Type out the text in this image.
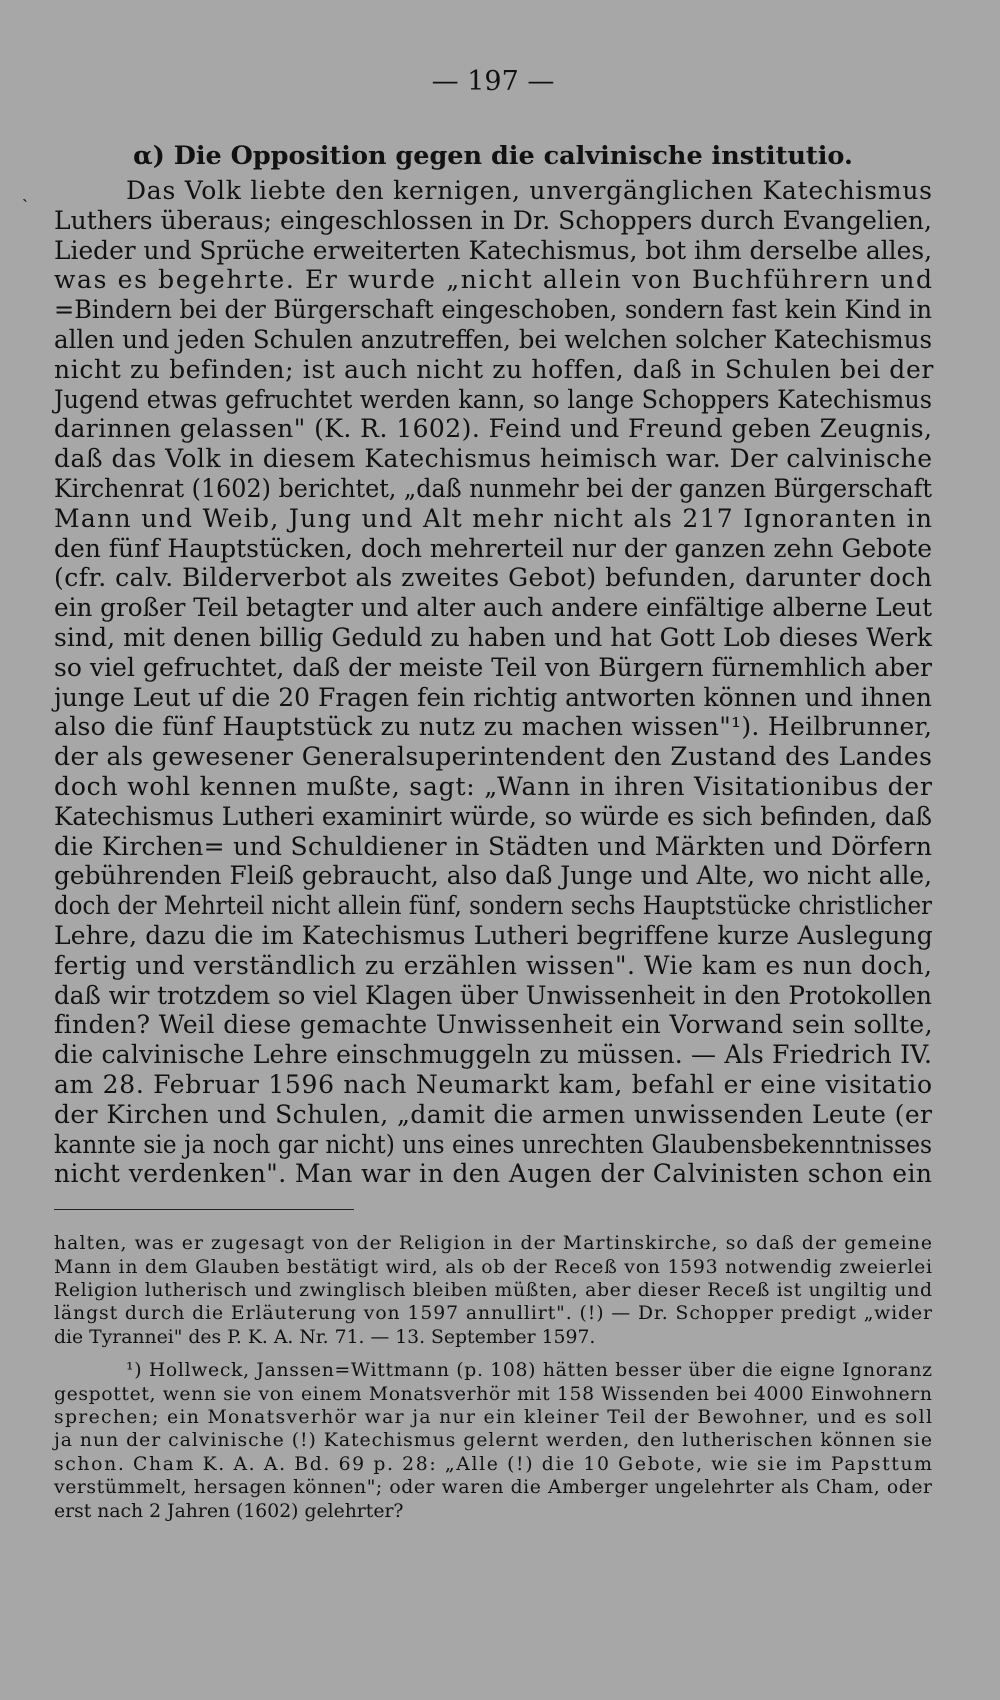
— 197 —
α) Die Opposition gegen die calvinische institutio.
ˏ	Das Volk liebte den kernigen, unvergänglichen Katechismus
Luthers überaus; eingeschlossen in Dr. Schoppers durch Evangelien,
Lieder und Sprüche erweiterten Katechismus, bot ihm derselbe alles,
was es begehrte. Er wurde „nicht allein von Buchführern und
=Bindern bei der Bürgerschaft eingeschoben, sondern fast kein Kind in
allen und jeden Schulen anzutreffen, bei welchen solcher Katechismus
nicht zu befinden; ist auch nicht zu hoffen, daß in Schulen bei der
Jugend etwas gefruchtet werden kann, so lange Schoppers Katechismus
darinnen gelassen" (K. R. 1602). Feind und Freund geben Zeugnis,
daß das Volk in diesem Katechismus heimisch war. Der calvinische
Kirchenrat (1602) berichtet, „daß nunmehr bei der ganzen Bürgerschaft
Mann und Weib, Jung und Alt mehr nicht als 217 Ignoranten in
den fünf Hauptstücken, doch mehrerteil nur der ganzen zehn Gebote
(cfr. calv. Bilderverbot als zweites Gebot) befunden, darunter doch
ein großer Teil betagter und alter auch andere einfältige alberne Leut
sind, mit denen billig Geduld zu haben und hat Gott Lob dieses Werk
so viel gefruchtet, daß der meiste Teil von Bürgern fürnemhlich aber
junge Leut uf die 20 Fragen fein richtig antworten können und ihnen
also die fünf Hauptstück zu nutz zu machen wissen"¹). Heilbrunner,
der als gewesener Generalsuperintendent den Zustand des Landes
doch wohl kennen mußte, sagt: „Wann in ihren Visitationibus der
Katechismus Lutheri examinirt würde, so würde es sich befinden, daß
die Kirchen= und Schuldiener in Städten und Märkten und Dörfern
gebührenden Fleiß gebraucht, also daß Junge und Alte, wo nicht alle,
doch der Mehrteil nicht allein fünf, sondern sechs Hauptstücke christlicher
Lehre, dazu die im Katechismus Lutheri begriffene kurze Auslegung
fertig und verständlich zu erzählen wissen". Wie kam es nun doch,
daß wir trotzdem so viel Klagen über Unwissenheit in den Protokollen
finden? Weil diese gemachte Unwissenheit ein Vorwand sein sollte,
die calvinische Lehre einschmuggeln zu müssen. — Als Friedrich IV.
am 28. Februar 1596 nach Neumarkt kam, befahl er eine visitatio
der Kirchen und Schulen, „damit die armen unwissenden Leute (er
kannte sie ja noch gar nicht) uns eines unrechten Glaubensbekenntnisses
nicht verdenken". Man war in den Augen der Calvinisten schon ein
halten, was er zugesagt von der Religion in der Martinskirche, so daß der gemeine
Mann in dem Glauben bestätigt wird, als ob der Receß von 1593 notwendig zweierlei
Religion lutherisch und zwinglisch bleiben müßten, aber dieser Receß ist ungiltig und
längst durch die Erläuterung von 1597 annullirt". (!) — Dr. Schopper predigt „wider
die Tyrannei" des P. K. A. Nr. 71. — 13. September 1597.
¹) Hollweck, Janssen=Wittmann (p. 108) hätten besser über die eigne Ignoranz
gespottet, wenn sie von einem Monatsverhör mit 158 Wissenden bei 4000 Einwohnern
sprechen; ein Monatsverhör war ja nur ein kleiner Teil der Bewohner, und es soll
ja nun der calvinische (!) Katechismus gelernt werden, den lutherischen können sie
schon. Cham K. A. A. Bd. 69 p. 28: „Alle (!) die 10 Gebote, wie sie im Papsttum
verstümmelt, hersagen können"; oder waren die Amberger ungelehrter als Cham, oder
erst nach 2 Jahren (1602) gelehrter?
